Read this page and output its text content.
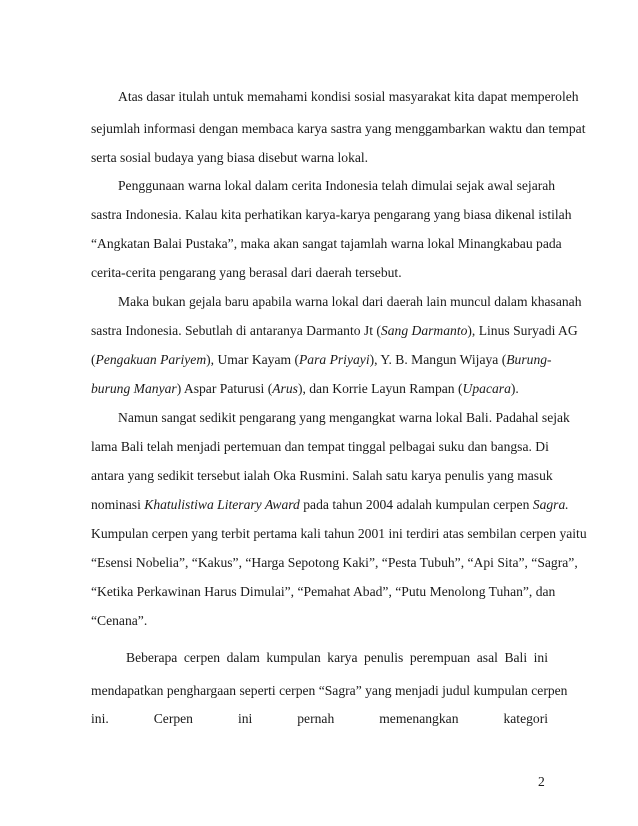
Atas dasar itulah untuk memahami kondisi sosial masyarakat kita dapat memperoleh
sejumlah informasi dengan membaca karya sastra yang menggambarkan waktu dan tempat
serta sosial budaya yang biasa disebut warna lokal.
Penggunaan warna lokal dalam cerita Indonesia telah dimulai sejak awal sejarah
sastra Indonesia. Kalau kita perhatikan karya-karya pengarang yang biasa dikenal istilah
“Angkatan Balai Pustaka”, maka akan sangat tajamlah warna lokal Minangkabau pada
cerita-cerita pengarang yang berasal dari daerah tersebut.
Maka bukan gejala baru apabila warna lokal dari daerah lain muncul dalam khasanah
sastra Indonesia. Sebutlah di antaranya Darmanto Jt (Sang Darmanto), Linus Suryadi AG
(Pengakuan Pariyem), Umar Kayam (Para Priyayi), Y. B. Mangun Wijaya (Burung-
burung Manyar) Aspar Paturusi (Arus), dan Korrie Layun Rampan (Upacara).
Namun sangat sedikit pengarang yang mengangkat warna lokal Bali. Padahal sejak
lama Bali telah menjadi pertemuan dan tempat tinggal pelbagai suku dan bangsa. Di
antara yang sedikit tersebut ialah Oka Rusmini. Salah satu karya penulis yang masuk
nominasi Khatulistiwa Literary Award pada tahun 2004 adalah kumpulan cerpen Sagra.
Kumpulan cerpen yang terbit pertama kali tahun 2001 ini terdiri atas sembilan cerpen yaitu
“Esensi Nobelia”, “Kakus”, “Harga Sepotong Kaki”, “Pesta Tubuh”, “Api Sita”, “Sagra”,
“Ketika Perkawinan Harus Dimulai”, “Pemahat Abad”, “Putu Menolong Tuhan”, dan
“Cenana”.
Beberapa cerpen dalam kumpulan karya penulis perempuan asal Bali ini
mendapatkan penghargaan seperti cerpen “Sagra” yang menjadi judul kumpulan cerpen
ini. Cerpen ini pernah memenangkan kategori
2
